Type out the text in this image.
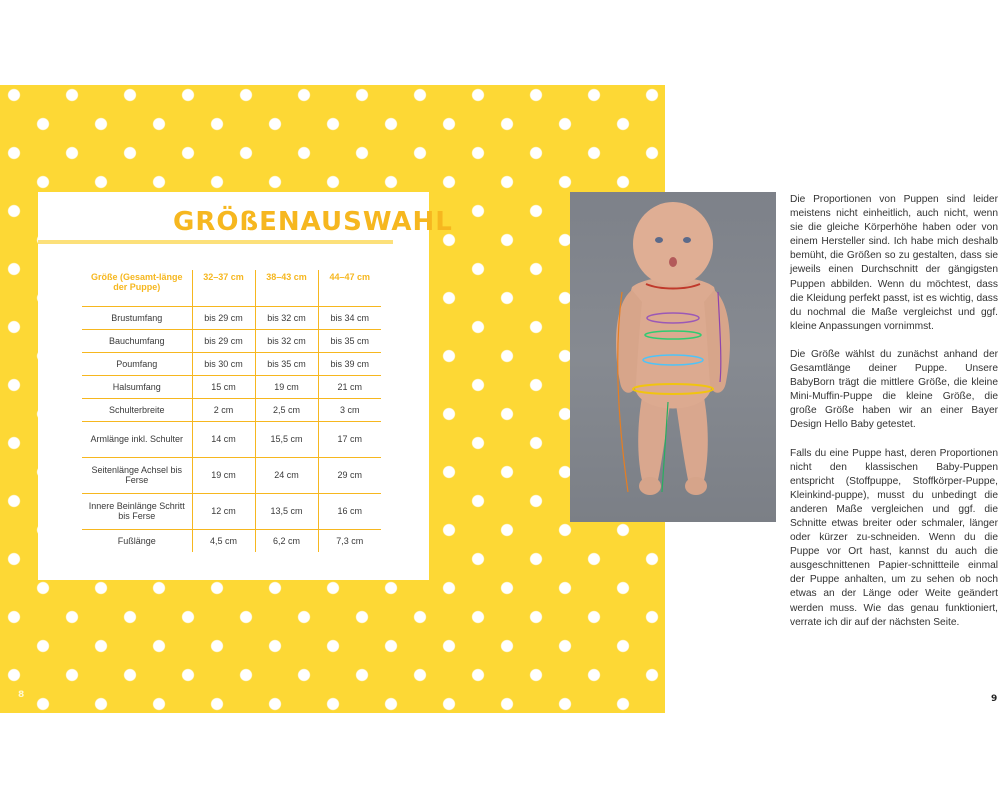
8
GRÖßENAUSWAHL
Größe (Gesamt-länge der Puppe)	32–37 cm	38–43 cm	44–47 cm
Brustumfang	bis 29 cm	bis 32 cm	bis 34 cm
Bauchumfang	bis 29 cm	bis 32 cm	bis 35 cm
Poumfang	bis 30 cm	bis 35 cm	bis 39 cm
Halsumfang	15 cm	19 cm	21 cm
Schulterbreite	2 cm	2,5 cm	3 cm
Armlänge inkl. Schulter	14 cm	15,5 cm	17 cm
Seitenlänge Achsel bis Ferse	19 cm	24 cm	29 cm
Innere Beinlänge Schritt bis Ferse	12 cm	13,5 cm	16 cm
Fußlänge	4,5 cm	6,2 cm	7,3 cm

Die Proportionen von Puppen sind leider meistens nicht einheitlich, auch nicht, wenn sie die gleiche Körperhöhe haben oder von einem Hersteller sind. Ich habe mich deshalb bemüht, die Größen so zu gestalten, dass sie jeweils einen Durchschnitt der gängigsten Puppen abbilden. Wenn du möchtest, dass die Kleidung perfekt passt, ist es wichtig, dass du nochmal die Maße vergleichst und ggf. kleine Anpassungen vornimmst.

Die Größe wählst du zunächst anhand der Gesamtlänge deiner Puppe. Unsere BabyBorn trägt die mittlere Größe, die kleine Mini-Muffin-Puppe die kleine Größe, die große Größe haben wir an einer Bayer Design Hello Baby getestet.

Falls du eine Puppe hast, deren Proportionen nicht den klassischen Baby-Puppen entspricht (Stoffpuppe, Stoffkörper-Puppe, Kleinkind-puppe), musst du unbedingt die anderen Maße vergleichen und ggf. die Schnitte etwas breiter oder schmaler, länger oder kürzer zu-schneiden. Wenn du die Puppe vor Ort hast, kannst du auch die ausgeschnittenen Papier-schnittteile einmal der Puppe anhalten, um zu sehen ob noch etwas an der Länge oder Weite geändert werden muss. Wie das genau funktioniert, verrate ich dir auf der nächsten Seite.

9
